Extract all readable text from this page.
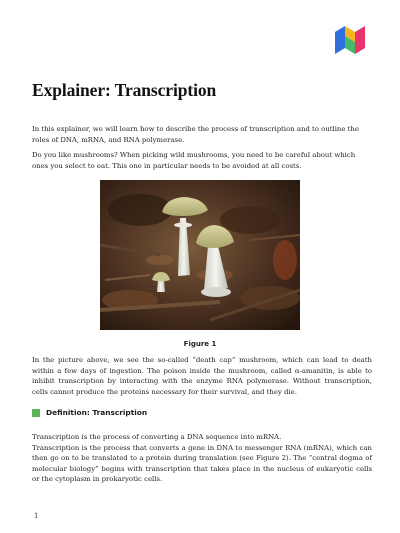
Explainer: Transcription

In this explainer, we will learn how to describe the process of transcription and to outline the roles of DNA, mRNA, and RNA polymerase.

Do you like mushrooms? When picking wild mushrooms, you need to be careful about which ones you select to eat. This one in particular needs to be avoided at all costs.

Figure 1

In the picture above, we see the so-called “death cap” mushroom, which can lead to death within a few days of ingestion. The poison inside the mushroom, called α-amanitin, is able to inhibit transcription by interacting with the enzyme RNA polymerase. Without transcription, cells cannot produce the proteins necessary for their survival, and they die.

Definition: Transcription

Transcription is the process of converting a DNA sequence into mRNA.

Transcription is the process that converts a gene in DNA to messenger RNA (mRNA), which can then go on to be translated to a protein during translation (see Figure 2). The “central dogma of molecular biology” begins with transcription that takes place in the nucleus of eukaryotic cells or the cytoplasm in prokaryotic cells.

1
